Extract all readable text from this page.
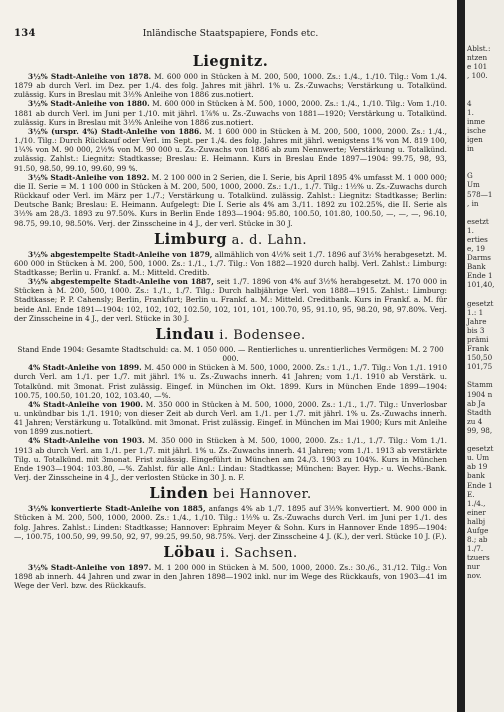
Inländische Staatspapiere, Fonds etc.
134
Liegnitz.

3½% Stadt-Anleihe von 1878. M. 600 000 in Stücken à M. 200, 500, 1000. Zs.: 1./4., 1./10. Tilg.: Vom 1./4. 1879 ab durch Verl. im Dez. per 1./4. des folg. Jahres mit jährl. 1% u. Zs.-Zuwachs; Verstärkung u. Totalkünd. zulässig. Kurs in Breslau mit 3½% Anleihe von 1886 zus.notiert.

3½% Stadt-Anleihe von 1880. M. 600 000 in Stücken à M. 500, 1000, 2000. Zs.: 1./4., 1./10. Tilg.: Vom 1./10. 1881 ab durch Verl. im Juni per 1./10. mit jährl. 1⅞% u. Zs.-Zuwachs von 1881—1920; Verstärkung u. Totalkünd. zulässig. Kurs in Breslau mit 3½% Anleihe von 1886 zus.notiert.

3½% (urspr. 4%) Stadt-Anleihe von 1886. M. 1 600 000 in Stücken à M. 200, 500, 1000, 2000. Zs.: 1./4., 1./10. Tilg.: Durch Rückkauf oder Verl. im Sept. per 1./4. des folg. Jahres mit jährl. wenigstens 1% von M. 819 100, 1¼% von M. 90 000, 2½% von M. 90 000 u. Zs.-Zuwachs von 1886 ab zum Nennwerte; Verstärkung u. Totalkünd. zulässig. Zahlst.: Liegnitz: Stadtkasse; Breslau: E. Heimann. Kurs in Breslau Ende 1897—1904: 99.75, 98, 93, 91.50, 98.50, 99.10, 99.60, 99 %.

3½% Stadt-Anleihe von 1892. M. 2 100 000 in 2 Serien, die I. Serie, bis April 1895 4% umfasst M. 1 000 000; die II. Serie = M. 1 100 000 in Stücken à M. 200, 500, 1000, 2000. Zs.: 1./1., 1./7. Tilg.: 1½% u. Zs.-Zuwachs durch Rückkauf oder Verl. im März per 1./7.; Verstärkung u. Totalkünd. zulässig. Zahlst.: Liegnitz: Stadtkasse; Berlin: Deutsche Bank; Breslau: E. Heimann. Aufgelegt: Die I. Serie als 4% am 3./11. 1892 zu 102.25%, die II. Serie als 3½% am 28./3. 1893 zu 97.50%. Kurs in Berlin Ende 1893—1904: 95.80, 100.50, 101.80, 100.50, —, —, —, 96.10, 98.75, 99.10, 98.50%. Verj. der Zinsscheine in 4 J., der verl. Stücke in 30 J.

Limburg a. d. Lahn.

3½% abgestempelte Stadt-Anleihe von 1879, allmählich von 4½% seit 1./7. 1896 auf 3½% herabgesetzt. M. 600 000 in Stücken à M. 200, 500, 1000. Zs.: 1./1., 1./7. Tilg.: Von 1882—1920 durch halbj. Verl. Zahlst.: Limburg: Stadtkasse; Berlin u. Frankf. a. M.: Mitteld. Creditb.

3½% abgestempelte Stadt-Anleihe von 1887, seit 1./7. 1896 von 4% auf 3½% herabgesetzt. M. 170 000 in Stücken à M. 200, 500, 1000. Zs.: 1./1., 1./7. Tilg.: Durch halbjährige Verl. von 1888—1915. Zahlst.: Limburg: Stadtkasse; P. P. Cahensly; Berlin, Frankfurt; Berlin u. Frankf. a. M.: Mitteld. Creditbank. Kurs in Frankf. a. M. für beide Anl. Ende 1891—1904: 102, 102, 102, 102.50, 102, 101, 101, 100.70, 95, 91.10, 95, 98.20, 98, 97.80%. Verj. der Zinsscheine in 4 J., der verl. Stücke in 30 J.

Lindau i. Bodensee.

Stand Ende 1904: Gesamte Stadtschuld: ca. M. 1 050 000. — Rentierliches u. unrentierliches Vermögen: M. 2 700 000.

4% Stadt-Anleihe von 1899. M. 450 000 in Stücken à M. 500, 1000, 2000. Zs.: 1./1., 1./7. Tilg.: Von 1./1. 1910 durch Verl. am 1./1. per 1./7. mit jährl. 1% u. Zs.-Zuwachs innerh. 41 Jahren; vom 1./1. 1910 ab Verstärk. u. Totalkünd. mit 3monat. Frist zulässig. Eingef. in München im Okt. 1899. Kurs in München Ende 1899—1904: 100.75, 100.50, 101.20, 102, 103.40, —%.

4% Stadt-Anleihe von 1900. M. 350 000 in Stücken à M. 500, 1000, 2000. Zs.: 1./1., 1./7. Tilg.: Unverlosbar u. unkündbar bis 1./1. 1910; von dieser Zeit ab durch Verl. am 1./1. per 1./7. mit jährl. 1% u. Zs.-Zuwachs innerh. 41 Jahren; Verstärkung u. Totalkünd. mit 3monat. Frist zulässig. Eingef. in München im Mai 1900; Kurs mit Anleihe von 1899 zus.notiert.

4% Stadt-Anleihe von 1903. M. 350 000 in Stücken à M. 500, 1000, 2000. Zs.: 1./1., 1./7. Tilg.: Vom 1./1. 1913 ab durch Verl. am 1./1. per 1./7. mit jährl. 1% u. Zs.-Zuwachs innerh. 41 Jahren; vom 1./1. 1913 ab verstärkte Tilg. u. Totalkünd. mit 3monat. Frist zulässig. Eingeführt in München am 24./3. 1903 zu 104%. Kurs in München Ende 1903—1904: 103.80, —%. Zahlst. für alle Anl.: Lindau: Stadtkasse; München: Bayer. Hyp.- u. Wechs.-Bank. Verj. der Zinsscheine in 4 J., der verlosten Stücke in 30 J. n. F.

Linden bei Hannover.

3½% konvertierte Stadt-Anleihe von 1885, anfangs 4% ab 1./7. 1895 auf 3½% konvertiert. M. 900 000 in Stücken à M. 200, 500, 1000, 2000. Zs.: 1./4., 1./10. Tilg.: 1½% u. Zs.-Zuwachs durch Verl. im Juni per 1./1. des folg. Jahres. Zahlst.: Linden: Stadtkasse; Hannover: Ephraim Meyer & Sohn. Kurs in Hannover Ende 1895—1904: —, 100.75, 100.50, 99, 99.50, 92, 97, 99.25, 99.50, 98.75%. Verj. der Zinsscheine 4 J. (K.), der verl. Stücke 10 J. (F.).

Löbau i. Sachsen.

3½% Stadt-Anleihe von 1897. M. 1 200 000 in Stücken à M. 500, 1000, 2000. Zs.: 30./6., 31./12. Tilg.: Von 1898 ab innerh. 44 Jahren und zwar in den Jahren 1898—1902 inkl. nur im Wege des Rückkaufs, von 1903—41 im Wege der Verl. bzw. des Rückkaufs.

Ablst.:
ntzen
e 101
, 100.

4
1.
inme
ische
igen
in

G
Um
578—1
, in

esetzt
1.
erties
e, 19
Darms
Bank
Ende 1
101,40,

gesetzt
1.: 1
Jahre
bis 3
prämi
Frank
150,50
101,75

Stamm
1904 n
ab Ja
Stadth
zu 4
99, 98,

gesetzt
u. Um
ab 19
bank
Ende 1
E.
1./4.,
einer
halbj
Aufge
8.; ab
1./7.
tzuers
nur
nov.
